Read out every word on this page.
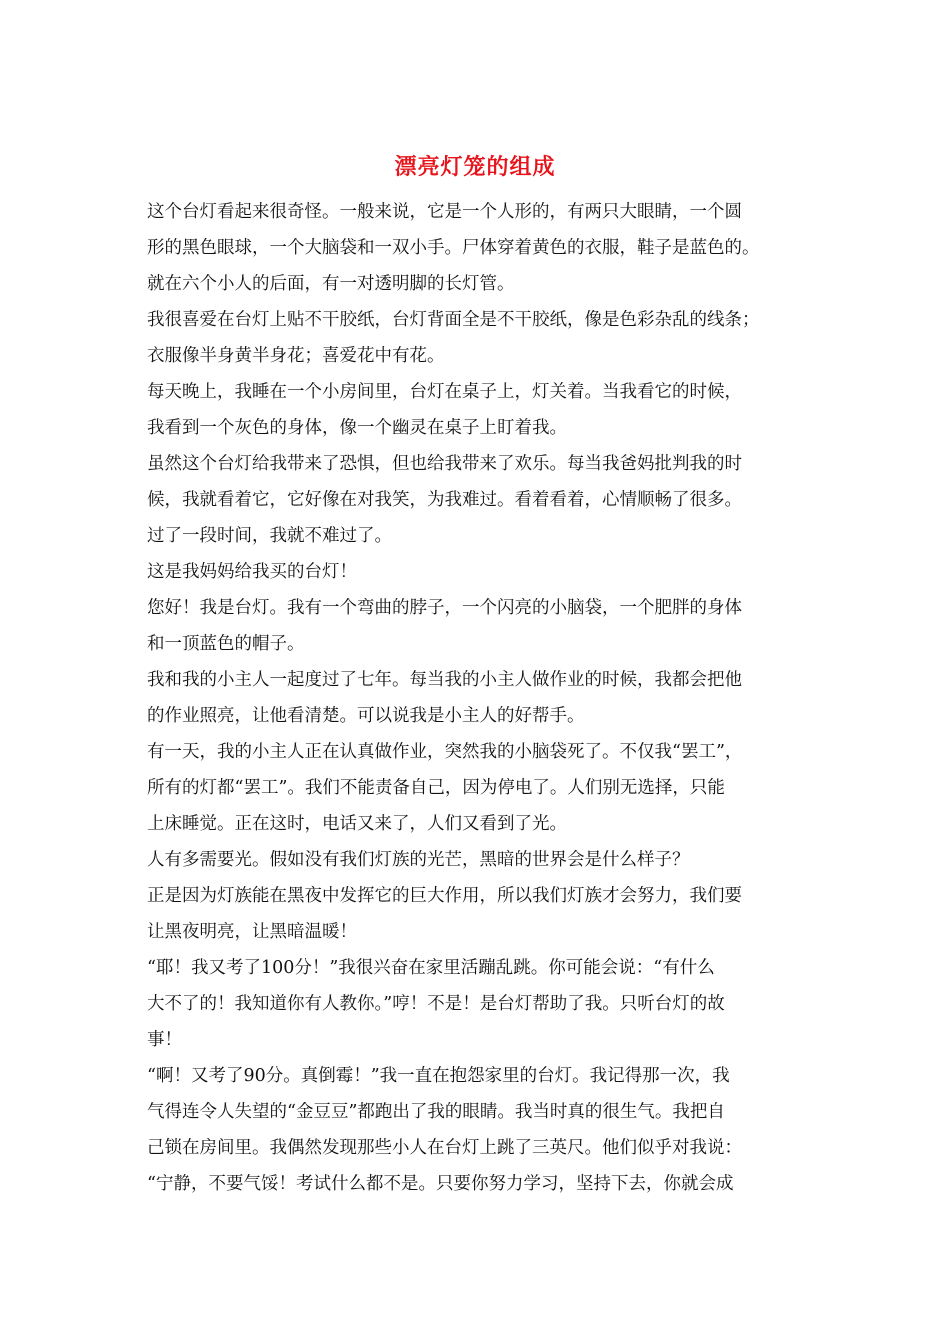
漂亮灯笼的组成
这个台灯看起来很奇怪。一般来说，它是一个人形的，有两只大眼睛，一个圆
形的黑色眼球，一个大脑袋和一双小手。尸体穿着黄色的衣服，鞋子是蓝色的。
就在六个小人的后面，有一对透明脚的长灯管。
我很喜爱在台灯上贴不干胶纸，台灯背面全是不干胶纸，像是色彩杂乱的线条；
衣服像半身黄半身花；喜爱花中有花。
每天晚上，我睡在一个小房间里，台灯在桌子上，灯关着。当我看它的时候，
我看到一个灰色的身体，像一个幽灵在桌子上盯着我。
虽然这个台灯给我带来了恐惧，但也给我带来了欢乐。每当我爸妈批判我的时
候，我就看着它，它好像在对我笑，为我难过。看着看着，心情顺畅了很多。
过了一段时间，我就不难过了。
这是我妈妈给我买的台灯！
您好！我是台灯。我有一个弯曲的脖子，一个闪亮的小脑袋，一个肥胖的身体
和一顶蓝色的帽子。
我和我的小主人一起度过了七年。每当我的小主人做作业的时候，我都会把他
的作业照亮，让他看清楚。可以说我是小主人的好帮手。
有一天，我的小主人正在认真做作业，突然我的小脑袋死了。不仅我“罢工”，
所有的灯都“罢工”。我们不能责备自己，因为停电了。人们别无选择，只能
上床睡觉。正在这时，电话又来了，人们又看到了光。
人有多需要光。假如没有我们灯族的光芒，黑暗的世界会是什么样子？
正是因为灯族能在黑夜中发挥它的巨大作用，所以我们灯族才会努力，我们要
让黑夜明亮，让黑暗温暖！
“耶！我又考了100分！”我很兴奋在家里活蹦乱跳。你可能会说：“有什么
大不了的！我知道你有人教你。”哼！不是！是台灯帮助了我。只听台灯的故
事！
“啊！又考了90分。真倒霉！”我一直在抱怨家里的台灯。我记得那一次，我
气得连令人失望的“金豆豆”都跑出了我的眼睛。我当时真的很生气。我把自
己锁在房间里。我偶然发现那些小人在台灯上跳了三英尺。他们似乎对我说：
“宁静，不要气馁！考试什么都不是。只要你努力学习，坚持下去，你就会成
